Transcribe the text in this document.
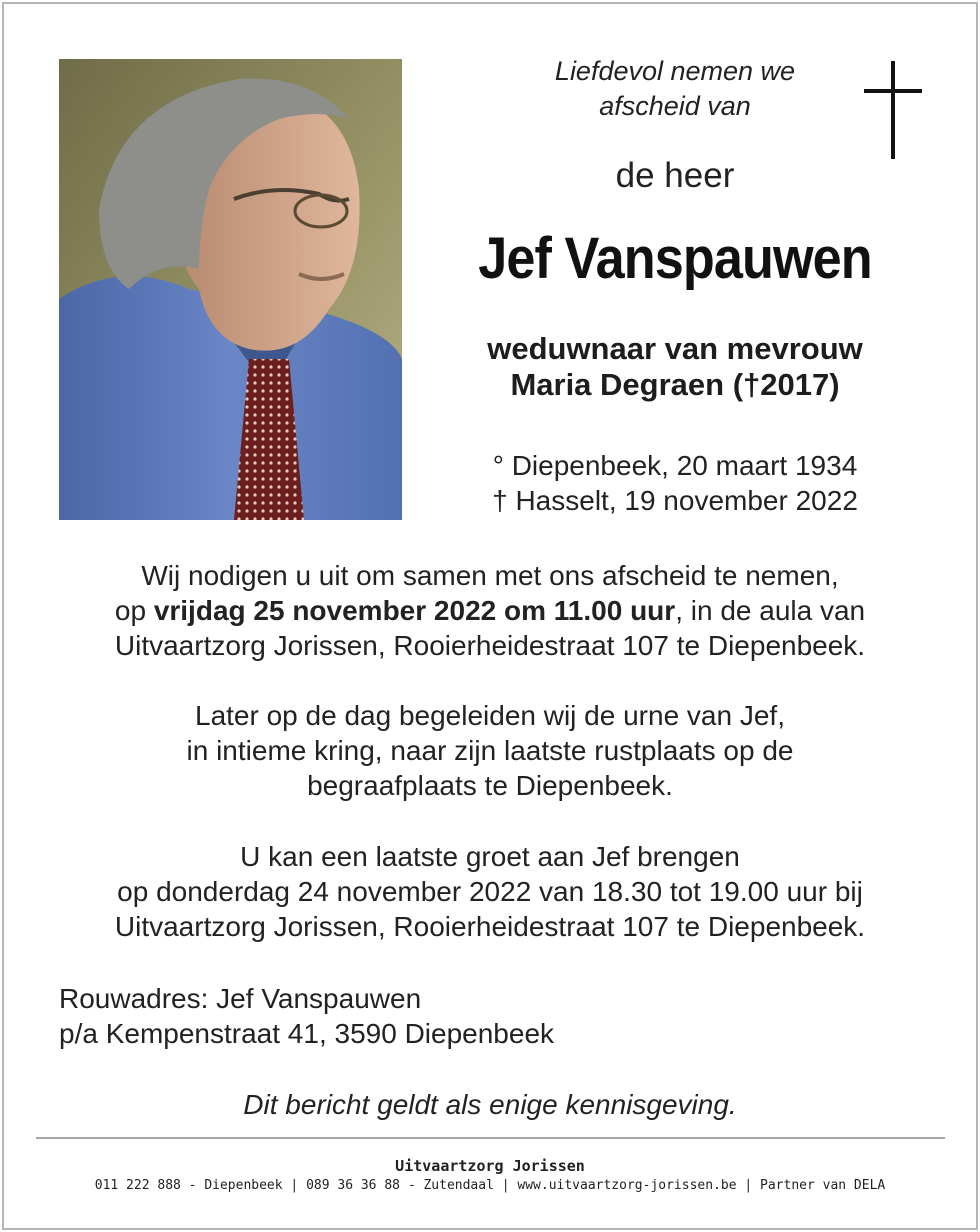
Liefdevol nemen we
afscheid van
de heer
Jef Vanspauwen
weduwnaar van mevrouw
Maria Degraen (†2017)
° Diepenbeek, 20 maart 1934
† Hasselt, 19 november 2022
Wij nodigen u uit om samen met ons afscheid te nemen,
op vrijdag 25 november 2022 om 11.00 uur, in de aula van
Uitvaartzorg Jorissen, Rooierheidestraat 107 te Diepenbeek.
Later op de dag begeleiden wij de urne van Jef,
in intieme kring, naar zijn laatste rustplaats op de
begraafplaats te Diepenbeek.
U kan een laatste groet aan Jef brengen
op donderdag 24 november 2022 van 18.30 tot 19.00 uur bij
Uitvaartzorg Jorissen, Rooierheidestraat 107 te Diepenbeek.
Rouwadres: Jef Vanspauwen
p/a Kempenstraat 41, 3590 Diepenbeek
Dit bericht geldt als enige kennisgeving.
Uitvaartzorg Jorissen
011 222 888 - Diepenbeek | 089 36 36 88 - Zutendaal | www.uitvaartzorg-jorissen.be | Partner van DELA
